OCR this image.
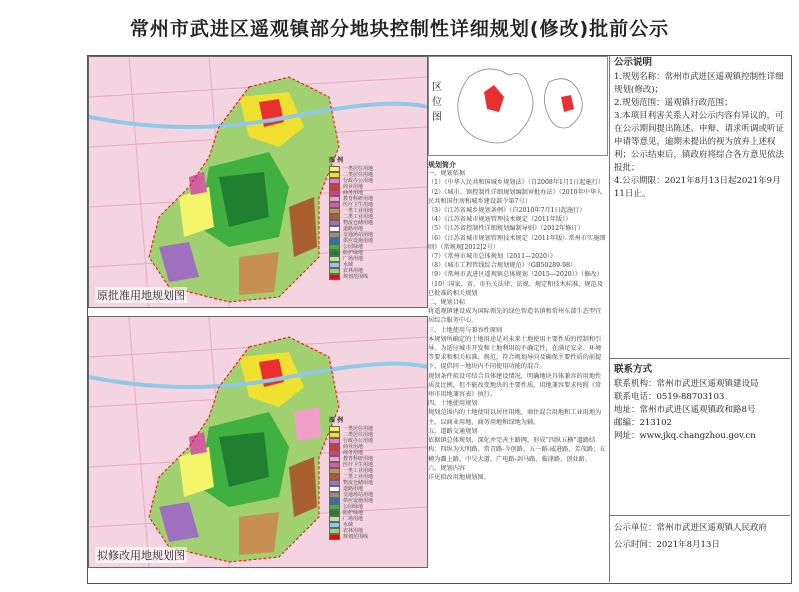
常州市武进区遥观镇部分地块控制性详细规划(修改)批前公示
图 例
一类居住用地
二类居住用地
行政办公用地
商业用地
商务用地
教育科研用地
医疗卫生用地
一类工业用地
二类工业用地
物流仓储用地
道路用地
交通场站用地
供应设施用地
公园绿地
防护绿地
广场用地
水域
农林用地
规划范围线
原批准用地规划图
图 例
一类居住用地
二类居住用地
行政办公用地
商业用地
商务用地
教育科研用地
医疗卫生用地
一类工业用地
二类工业用地
物流仓储用地
道路用地
交通场站用地
供应设施用地
公园绿地
防护绿地
广场用地
水域
农林用地
规划范围线
拟修改用地规划图
区位图
规划简介
一、规划依据
（1）《中华人民共和国城乡规划法》（自2008年1月1日起施行）
（2）《城市、镇控制性详细规划编制审批办法》（2010年中华人民共和国住房和城乡建设部令第7号）
（3）《江苏省城乡规划条例》（自2010年7月1日起施行）
（4）《江苏省城市规划管理技术规定（2011年版）》
（5）《江苏省控制性详细规划编制导则》（2012年修订）
（6）《江苏省城市规划管理技术规定（2011年版）常州市实施细则》（常规规[2012]2号）
（7）《常州市城市总体规划（2011—2020）》
（8）《城市工程管线综合规划规范》（GB50289-98）
（9）《常州市武进区遥观镇总体规划（2015—2020）》（修改）
（10）国家、省、市有关法律、法规、规定和技术标准、规范及已批准的相关规划
二、规划目标
将遥观镇建设成为国际领先的绿色智造名镇和常州东部生态型宜居综合服务中心。
三、土地使用与兼容性原则
本规划所确定的土地用途是对未来土地使用主要性质的控制和引导。为适应城市开发和土地利用的不确定性，在满足安全、环境等要求和相关标准、规范，符合规划导向及确保主要性质的前提下，提倡同一地块内不同使用功能的混合。
规划条件拟设可结合具体建设情况，明确地块具体兼容的用地性质及比例，但不能改变地块的主要性质，用地兼容要求按照《常州市用地兼容表》执行。
四、土地使用规划
规划范围内的土地使用以居住用地、商住混合用地和工业用地为主，以商业用地、商务用地和绿地为辅。
五、道路交通规划
依据镇总体规划，深化并完善主路网，形成“四纵五横”道路结构：四纵为大明路、常青路-今创路、五一路-威进路、芳茂路；五横为潞上路、中吴大道、广电路-剑马路、临津路、创业路。
六、规划内容
详见拟改用地规划图。
公示说明

1.规划名称：常州市武进区遥观镇控制性详细规划(修改)；

2.规划范围：遥观镇行政范围；

3.本项目利害关系人对公示内容有异议的，可在公示期间提出陈述、申辩、请求听调或听证申请等意见，逾期未提出的视为放弃上述权利；公示结束后，镇政府将综合各方意见依法报批；

4.公示期限：2021年8月13日起2021年9月11日止。

联系方式

联系机构：常州市武进区遥观镇建设局

联系电话：0519-88703103

地址：常州市武进区遥观镇政和路8号

邮编：213102

网址：www.jkq.changzhou.gov.cn

公示单位：常州市武进区遥观镇人民政府

公示时间：2021年8月13日
